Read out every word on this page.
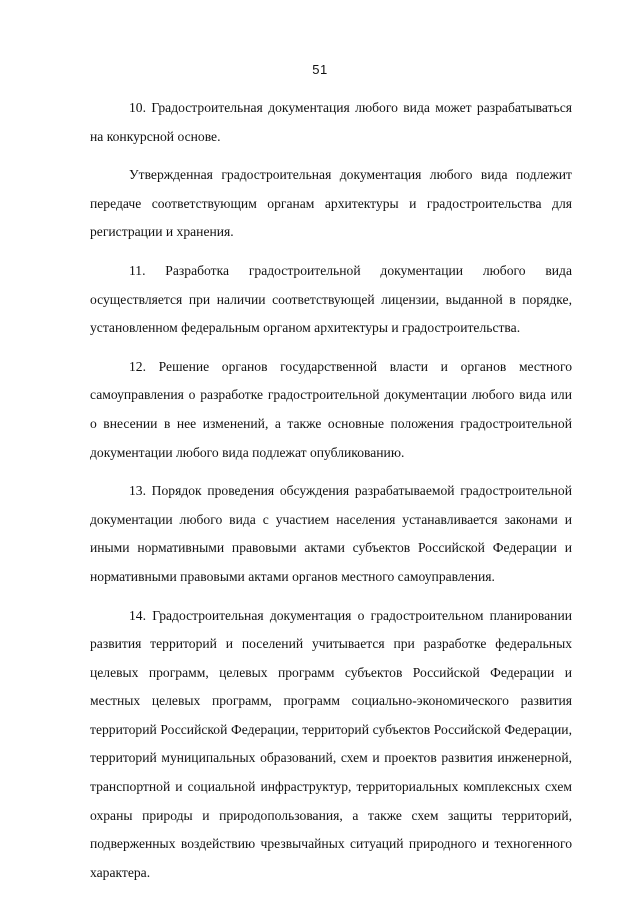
51

10. Градостроительная документация любого вида может разрабатываться на конкурсной основе.

Утвержденная градостроительная документация любого вида подлежит передаче соответствующим органам архитектуры и градостроительства для регистрации и хранения.

11. Разработка градостроительной документации любого вида осуществляется при наличии соответствующей лицензии, выданной в порядке, установленном федеральным органом архитектуры и градостроительства.

12. Решение органов государственной власти и органов местного самоуправления о разработке градостроительной документации любого вида или о внесении в нее изменений, а также основные положения градостроительной документации любого вида подлежат опубликованию.

13. Порядок проведения обсуждения разрабатываемой градостроительной документации любого вида с участием населения устанавливается законами и иными нормативными правовыми актами субъектов Российской Федерации и нормативными правовыми актами органов местного самоуправления.

14. Градостроительная документация о градостроительном планировании развития территорий и поселений учитывается при разработке федеральных целевых программ, целевых программ субъектов Российской Федерации и местных целевых программ, программ социально-экономического развития территорий Российской Федерации, территорий субъектов Российской Федерации, территорий муниципальных образований, схем и проектов развития инженерной, транспортной и социальной инфраструктур, территориальных комплексных схем охраны природы и природопользования, а также схем защиты территорий, подверженных воздействию чрезвычайных ситуаций природного и техногенного характера.
